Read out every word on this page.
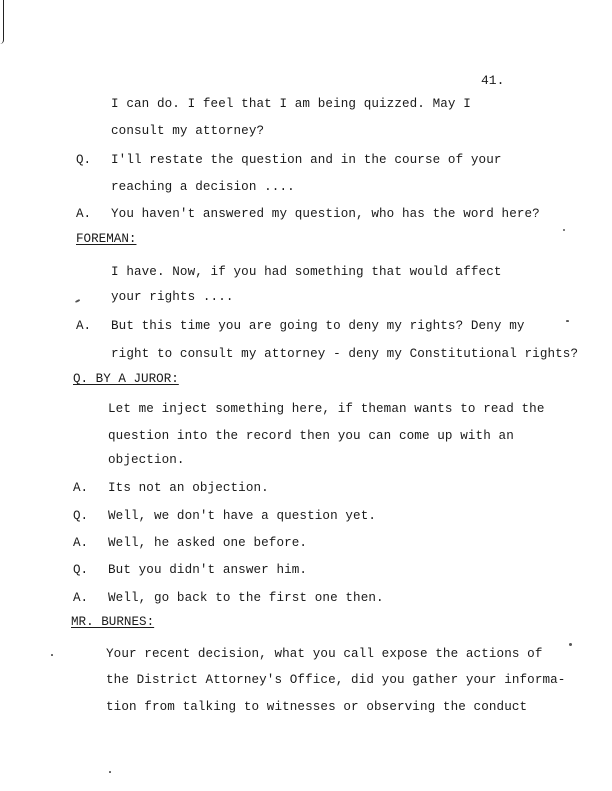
41.
I can do. I feel that I am being quizzed. May I
consult my attorney?
Q. I'll restate the question and in the course of your
reaching a decision ....
A. You haven't answered my question, who has the word here?
FOREMAN:
I have. Now, if you had something that would affect
your rights ....
A. But this time you are going to deny my rights? Deny my
right to consult my attorney - deny my Constitutional rights?
Q. BY A JUROR:
Let me inject something here, if theman wants to read the
question into the record then you can come up with an
objection.
A. Its not an objection.
Q. Well, we don't have a question yet.
A. Well, he asked one before.
Q. But you didn't answer him.
A. Well, go back to the first one then.
MR. BURNES:
Your recent decision, what you call expose the actions of
the District Attorney's Office, did you gather your informa-
tion from talking to witnesses or observing the conduct
